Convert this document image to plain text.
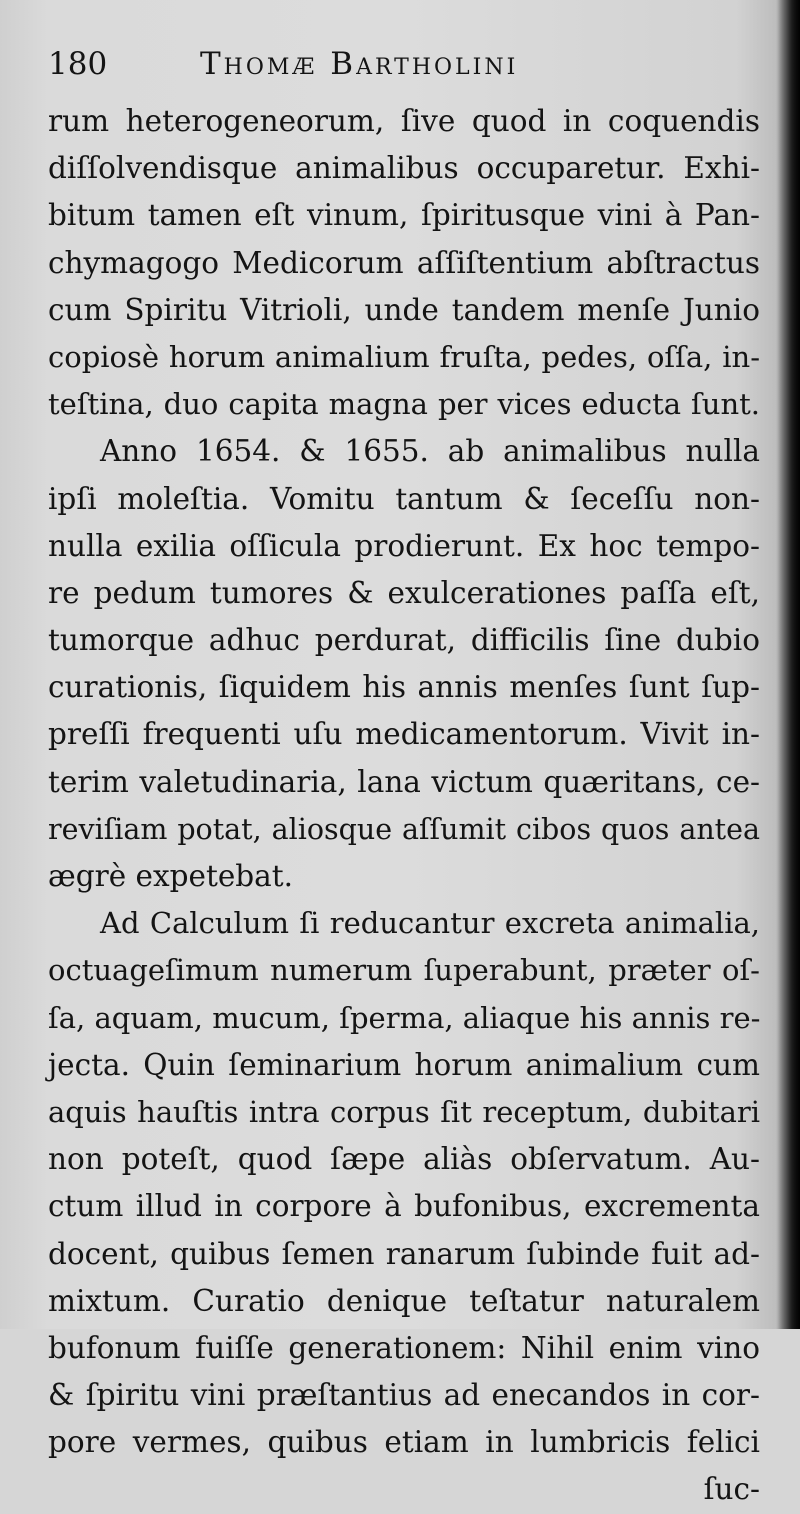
180	Thomæ Bartholini
rum heterogeneorum, ſive quod in coquendis
diſſolvendisque animalibus occuparetur. Exhi-
bitum tamen eſt vinum, ſpiritusque vini à Pan-
chymagogo Medicorum aſſiſtentium abſtractus
cum Spiritu Vitrioli, unde tandem menſe Junio
copiosè horum animalium fruſta, pedes, oſſa, in-
teſtina, duo capita magna per vices educta ſunt.
Anno 1654. & 1655. ab animalibus nulla
ipſi moleſtia. Vomitu tantum & ſeceſſu non-
nulla exilia oſſicula prodierunt. Ex hoc tempo-
re pedum tumores & exulcerationes paſſa eſt,
tumorque adhuc perdurat, difficilis ſine dubio
curationis, ſiquidem his annis menſes ſunt ſup-
preſſi frequenti uſu medicamentorum. Vivit in-
terim valetudinaria, lana victum quæritans, ce-
reviſiam potat, aliosque aſſumit cibos quos antea
ægrè expetebat.
Ad Calculum ſi reducantur excreta animalia,
octuageſimum numerum ſuperabunt, præter oſ-
ſa, aquam, mucum, ſperma, aliaque his annis re-
jecta. Quin ſeminarium horum animalium cum
aquis hauſtis intra corpus ſit receptum, dubitari
non poteſt, quod ſæpe aliàs obſervatum. Au-
ctum illud in corpore à bufonibus, excrementa
docent, quibus ſemen ranarum ſubinde fuit ad-
mixtum. Curatio denique teſtatur naturalem
bufonum fuiſſe generationem: Nihil enim vino
& ſpiritu vini præſtantius ad enecandos in cor-
pore vermes, quibus etiam in lumbricis felici
ſuc-
